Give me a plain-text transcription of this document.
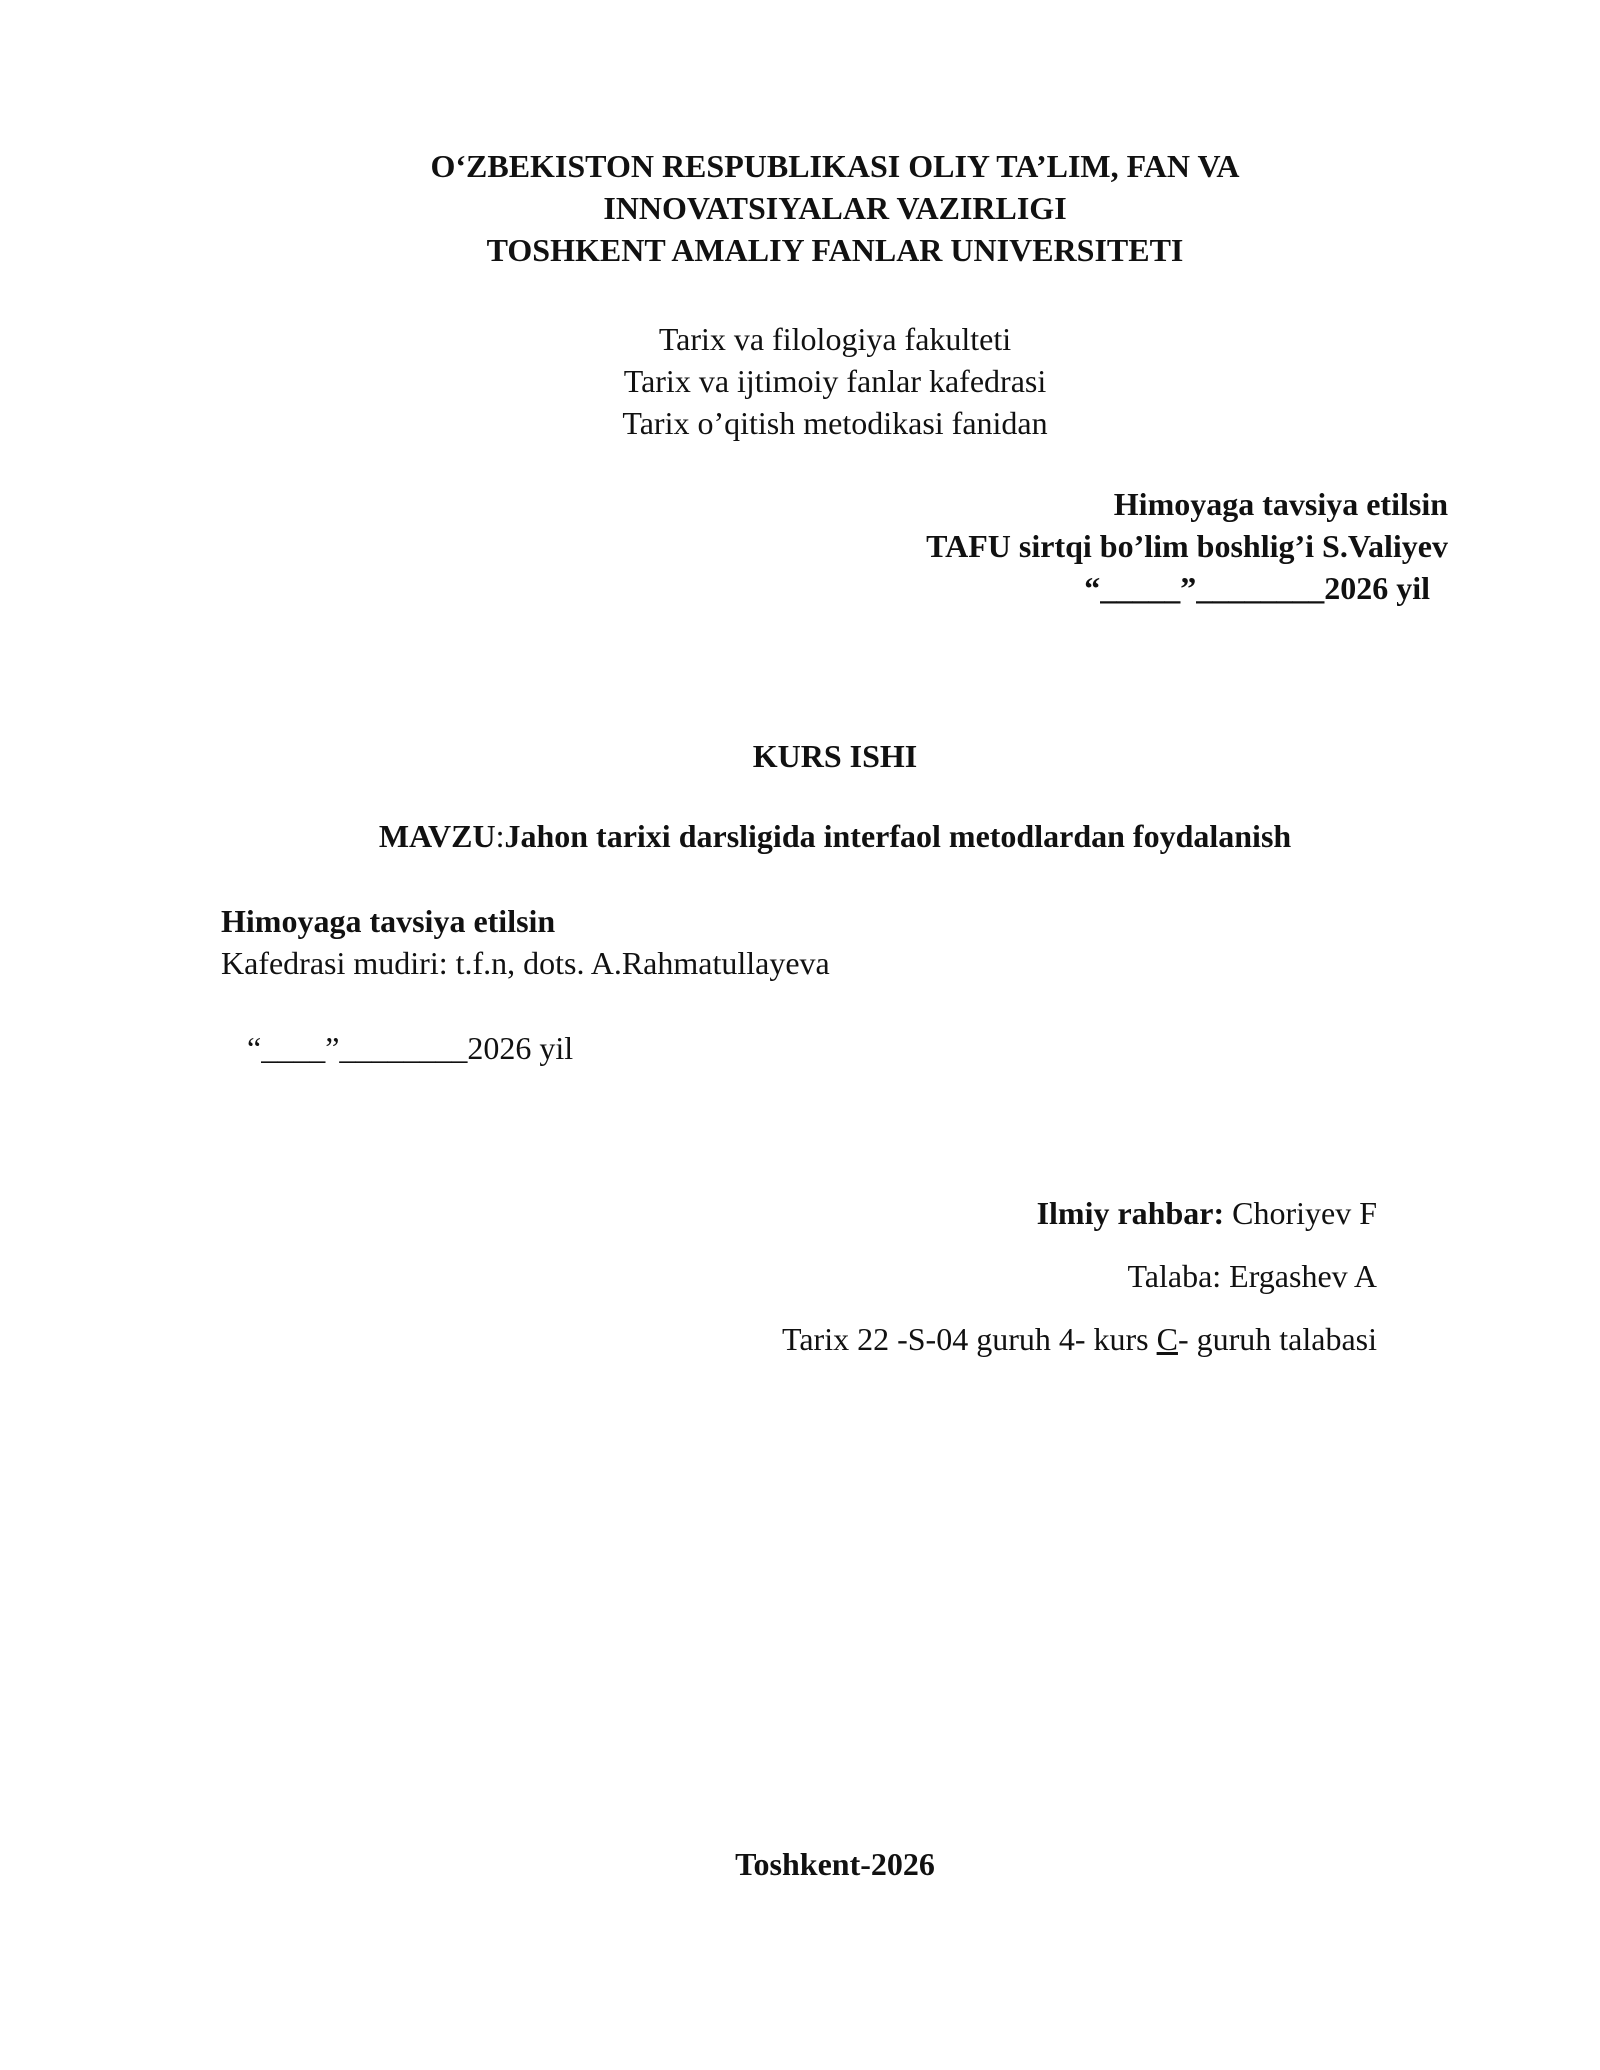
O‘ZBEKISTON RESPUBLIKASI OLIY TA’LIM, FAN VA
INNOVATSIYALAR VAZIRLIGI
TOSHKENT AMALIY FANLAR UNIVERSITETI
Tarix va filologiya fakulteti
Tarix va ijtimoiy fanlar kafedrasi
Tarix o’qitish metodikasi fanidan
Himoyaga tavsiya etilsin
TAFU sirtqi bo’lim boshlig’i S.Valiyev
“_____”________2026 yil
KURS ISHI
MAVZU:Jahon tarixi darsligida interfaol metodlardan foydalanish
Himoyaga tavsiya etilsin
Kafedrasi mudiri: t.f.n, dots. A.Rahmatullayeva
“____”________2026 yil
Ilmiy rahbar: Choriyev F
Talaba: Ergashev A
Tarix 22 -S-04 guruh 4- kurs C- guruh talabasi
Toshkent-2026
